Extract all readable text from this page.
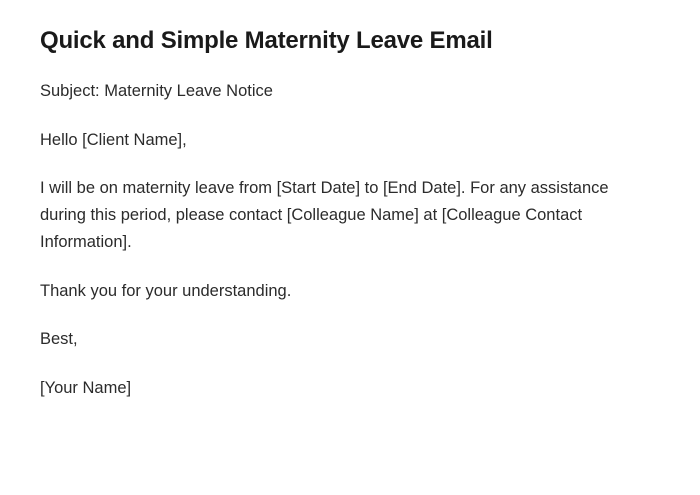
Quick and Simple Maternity Leave Email

Subject: Maternity Leave Notice

Hello [Client Name],

I will be on maternity leave from [Start Date] to [End Date]. For any assistance during this period, please contact [Colleague Name] at [Colleague Contact Information].

Thank you for your understanding.

Best,

[Your Name]
